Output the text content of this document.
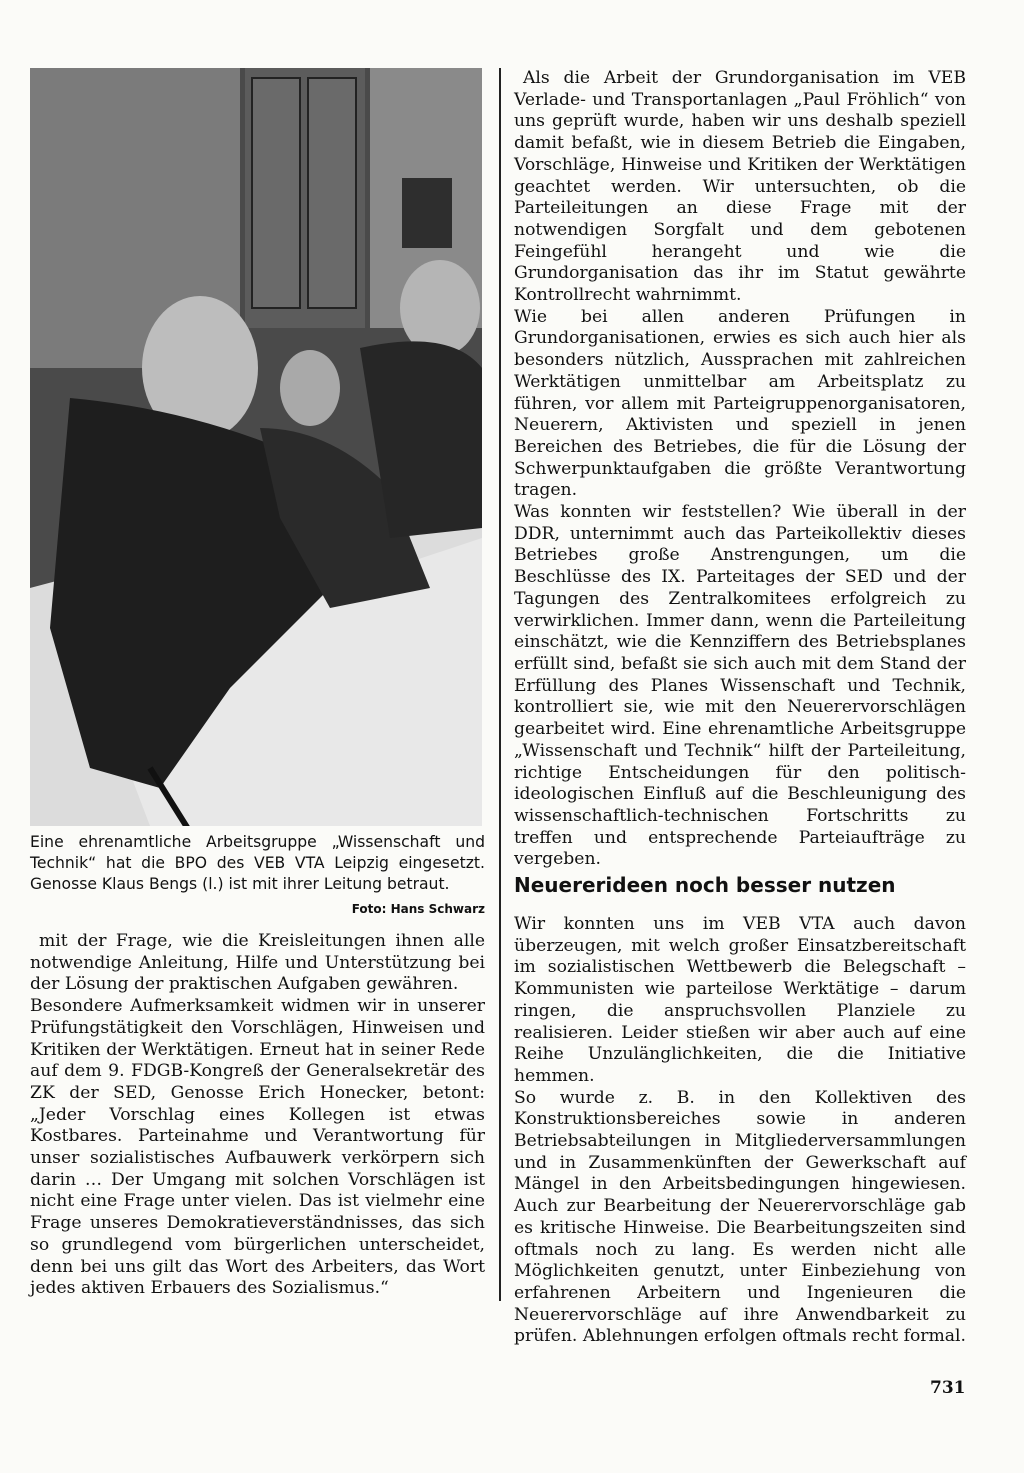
Eine ehrenamtliche Arbeitsgruppe „Wissenschaft und Technik“ hat die BPO des VEB VTA Leipzig eingesetzt. Genosse Klaus Bengs (l.) ist mit ihrer Leitung betraut.
Foto: Hans Schwarz

mit der Frage, wie die Kreisleitungen ihnen alle notwendige Anleitung, Hilfe und Unterstützung bei der Lösung der praktischen Aufgaben gewähren.

Besondere Aufmerksamkeit widmen wir in unserer Prüfungstätigkeit den Vorschlägen, Hinweisen und Kritiken der Werktätigen. Erneut hat in seiner Rede auf dem 9. FDGB-Kongreß der Generalsekretär des ZK der SED, Genosse Erich Honecker, betont: „Jeder Vorschlag eines Kollegen ist etwas Kostbares. Parteinahme und Verantwortung für unser sozialistisches Aufbauwerk verkörpern sich darin … Der Umgang mit solchen Vorschlägen ist nicht eine Frage unter vielen. Das ist vielmehr eine Frage unseres Demokratieverständnisses, das sich so grundlegend vom bürgerlichen unterscheidet, denn bei uns gilt das Wort des Arbeiters, das Wort jedes aktiven Erbauers des Sozialismus.“

Als die Arbeit der Grundorganisation im VEB Verlade- und Transportanlagen „Paul Fröhlich“ von uns geprüft wurde, haben wir uns deshalb speziell damit befaßt, wie in diesem Betrieb die Eingaben, Vorschläge, Hinweise und Kritiken der Werktätigen geachtet werden. Wir untersuchten, ob die Parteileitungen an diese Frage mit der notwendigen Sorgfalt und dem gebotenen Feingefühl herangeht und wie die Grundorganisation das ihr im Statut gewährte Kontrollrecht wahrnimmt.

Wie bei allen anderen Prüfungen in Grundorganisationen, erwies es sich auch hier als besonders nützlich, Aussprachen mit zahlreichen Werktätigen unmittelbar am Arbeitsplatz zu führen, vor allem mit Parteigruppenorganisatoren, Neuerern, Aktivisten und speziell in jenen Bereichen des Betriebes, die für die Lösung der Schwerpunktaufgaben die größte Verantwortung tragen.

Was konnten wir feststellen? Wie überall in der DDR, unternimmt auch das Parteikollektiv dieses Betriebes große Anstrengungen, um die Beschlüsse des IX. Parteitages der SED und der Tagungen des Zentralkomitees erfolgreich zu verwirklichen. Immer dann, wenn die Parteileitung einschätzt, wie die Kennziffern des Betriebsplanes erfüllt sind, befaßt sie sich auch mit dem Stand der Erfüllung des Planes Wissenschaft und Technik, kontrolliert sie, wie mit den Neuerervorschlägen gearbeitet wird. Eine ehrenamtliche Arbeitsgruppe „Wissenschaft und Technik“ hilft der Parteileitung, richtige Entscheidungen für den politisch-ideologischen Einfluß auf die Beschleunigung des wissenschaftlich-technischen Fortschritts zu treffen und entsprechende Parteiaufträge zu vergeben.

Neuererideen noch besser nutzen

Wir konnten uns im VEB VTA auch davon überzeugen, mit welch großer Einsatzbereitschaft im sozialistischen Wettbewerb die Belegschaft – Kommunisten wie parteilose Werktätige – darum ringen, die anspruchsvollen Planziele zu realisieren. Leider stießen wir aber auch auf eine Reihe Unzulänglichkeiten, die die Initiative hemmen.

So wurde z. B. in den Kollektiven des Konstruktionsbereiches sowie in anderen Betriebsabteilungen in Mitgliederversammlungen und in Zusammenkünften der Gewerkschaft auf Mängel in den Arbeitsbedingungen hingewiesen. Auch zur Bearbeitung der Neuerervorschläge gab es kritische Hinweise. Die Bearbeitungszeiten sind oftmals noch zu lang. Es werden nicht alle Möglichkeiten genutzt, unter Einbeziehung von erfahrenen Arbeitern und Ingenieuren die Neuerervorschläge auf ihre Anwendbarkeit zu prüfen. Ablehnungen erfolgen oftmals recht formal.

731
